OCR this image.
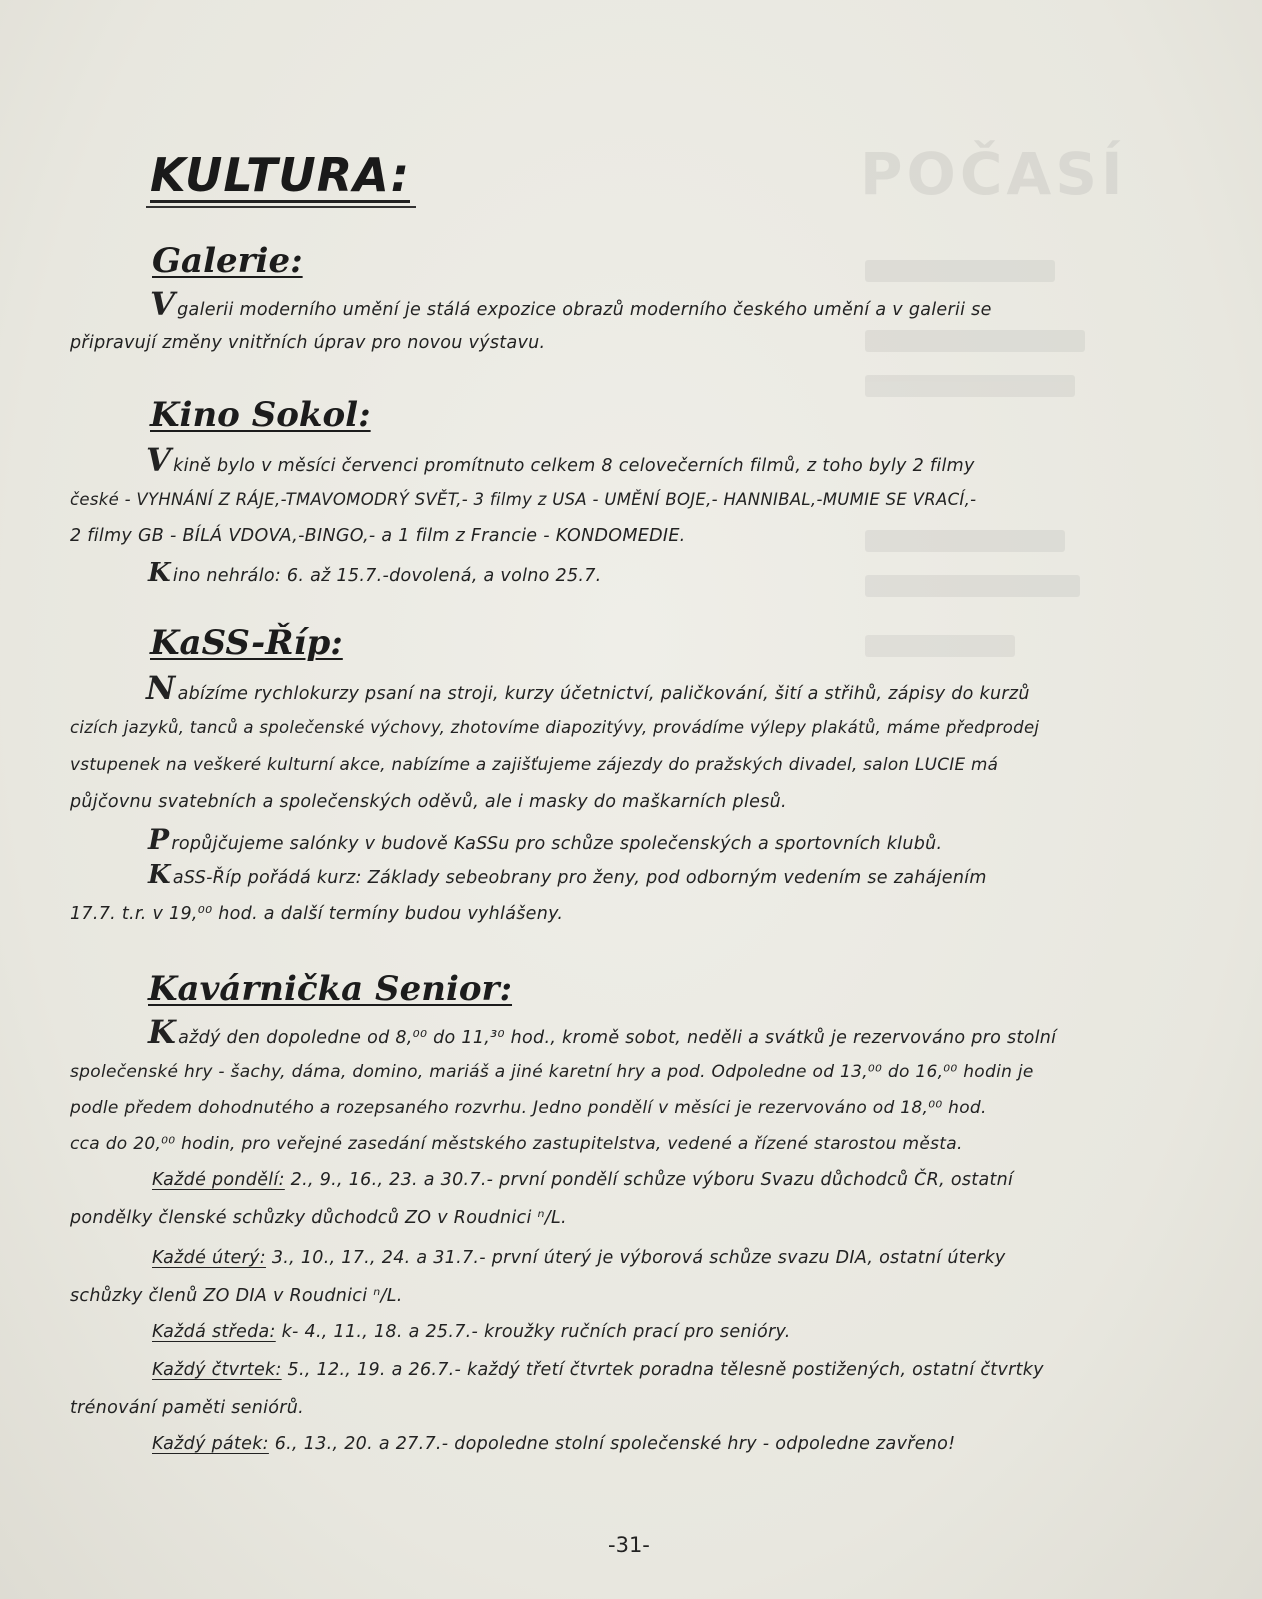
POČASÍ
KULTURA:
Galerie:
Vgalerii moderního umění je stálá expozice obrazů moderního českého umění a v galerii se
připravují změny vnitřních úprav pro novou výstavu.
Kino Sokol:
Vkině bylo v měsíci červenci promítnuto celkem 8 celovečerních filmů, z toho byly 2 filmy
české - VYHNÁNÍ Z RÁJE,-TMAVOMODRÝ SVĚT,- 3 filmy z USA - UMĚNÍ BOJE,- HANNIBAL,-MUMIE SE VRACÍ,-
2 filmy GB - BÍLÁ VDOVA,-BINGO,- a 1 film z Francie - KONDOMEDIE.
K ino nehrálo: 6. až 15.7.-dovolená, a volno 25.7.
KaSS-Říp:
Nabízíme rychlokurzy psaní na stroji, kurzy účetnictví, paličkování, šití a střihů, zápisy do kurzů
cizích jazyků, tanců a společenské výchovy, zhotovíme diapozitývy, provádíme výlepy plakátů, máme předprodej
vstupenek na veškeré kulturní akce, nabízíme a zajišťujeme zájezdy do pražských divadel, salon LUCIE má
půjčovnu svatebních a společenských oděvů, ale i masky do maškarních plesů.
Propůjčujeme salónky v budově KaSSu pro schůze společenských a sportovních klubů.
K aSS-Říp pořádá kurz: Základy sebeobrany pro ženy, pod odborným vedením se zahájením
17.7. t.r. v 19,⁰⁰ hod. a další termíny budou vyhlášeny.
Kavárnička Senior:
Každý den dopoledne od 8,⁰⁰ do 11,³⁰ hod., kromě sobot, neděli a svátků je rezervováno pro stolní
společenské hry - šachy, dáma, domino, mariáš a jiné karetní hry a pod. Odpoledne od 13,⁰⁰ do 16,⁰⁰ hodin je
podle předem dohodnutého a rozepsaného rozvrhu. Jedno pondělí v měsíci je rezervováno od 18,⁰⁰ hod.
cca do 20,⁰⁰ hodin, pro veřejné zasedání městského zastupitelstva, vedené a řízené starostou města.
Každé pondělí: 2., 9., 16., 23. a 30.7.- první pondělí schůze výboru Svazu důchodců ČR, ostatní
pondělky členské schůzky důchodců ZO v Roudnici ⁿ/L.
Každé úterý: 3., 10., 17., 24. a 31.7.- první úterý je výborová schůze svazu DIA, ostatní úterky
schůzky členů ZO DIA v Roudnici ⁿ/L.
Každá středa: k- 4., 11., 18. a 25.7.- kroužky ručních prací pro senióry.
Každý čtvrtek: 5., 12., 19. a 26.7.- každý třetí čtvrtek poradna tělesně postižených, ostatní čtvrtky
trénování paměti seniórů.
Každý pátek: 6., 13., 20. a 27.7.- dopoledne stolní společenské hry - odpoledne zavřeno!
-31-
